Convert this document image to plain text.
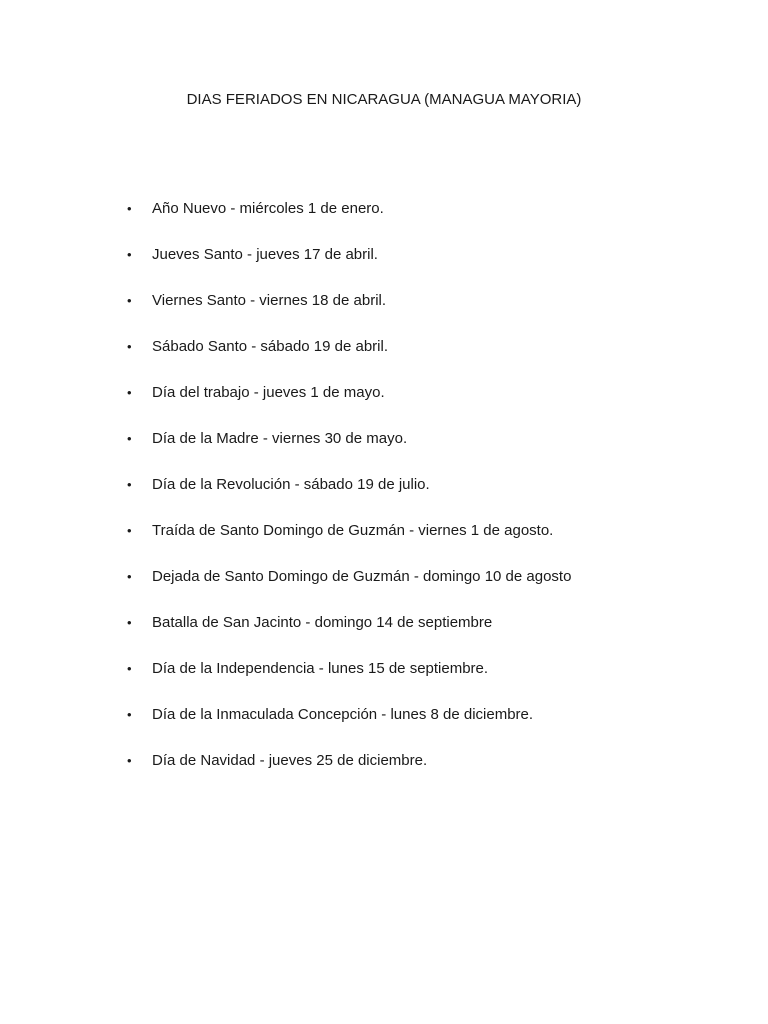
DIAS FERIADOS EN NICARAGUA (MANAGUA MAYORIA)
•	Año Nuevo - miércoles 1 de enero.
•	Jueves Santo - jueves 17 de abril.
•	Viernes Santo - viernes 18 de abril.
•	Sábado Santo - sábado 19 de abril.
•	Día del trabajo - jueves 1 de mayo.
•	Día de la Madre - viernes 30 de mayo.
•	Día de la Revolución - sábado 19 de julio.
•	Traída de Santo Domingo de Guzmán - viernes 1 de agosto.
•	Dejada de Santo Domingo de Guzmán - domingo 10 de agosto
•	Batalla de San Jacinto - domingo 14 de septiembre
•	Día de la Independencia - lunes 15 de septiembre.
•	Día de la Inmaculada Concepción - lunes 8 de diciembre.
•	Día de Navidad - jueves 25 de diciembre.
